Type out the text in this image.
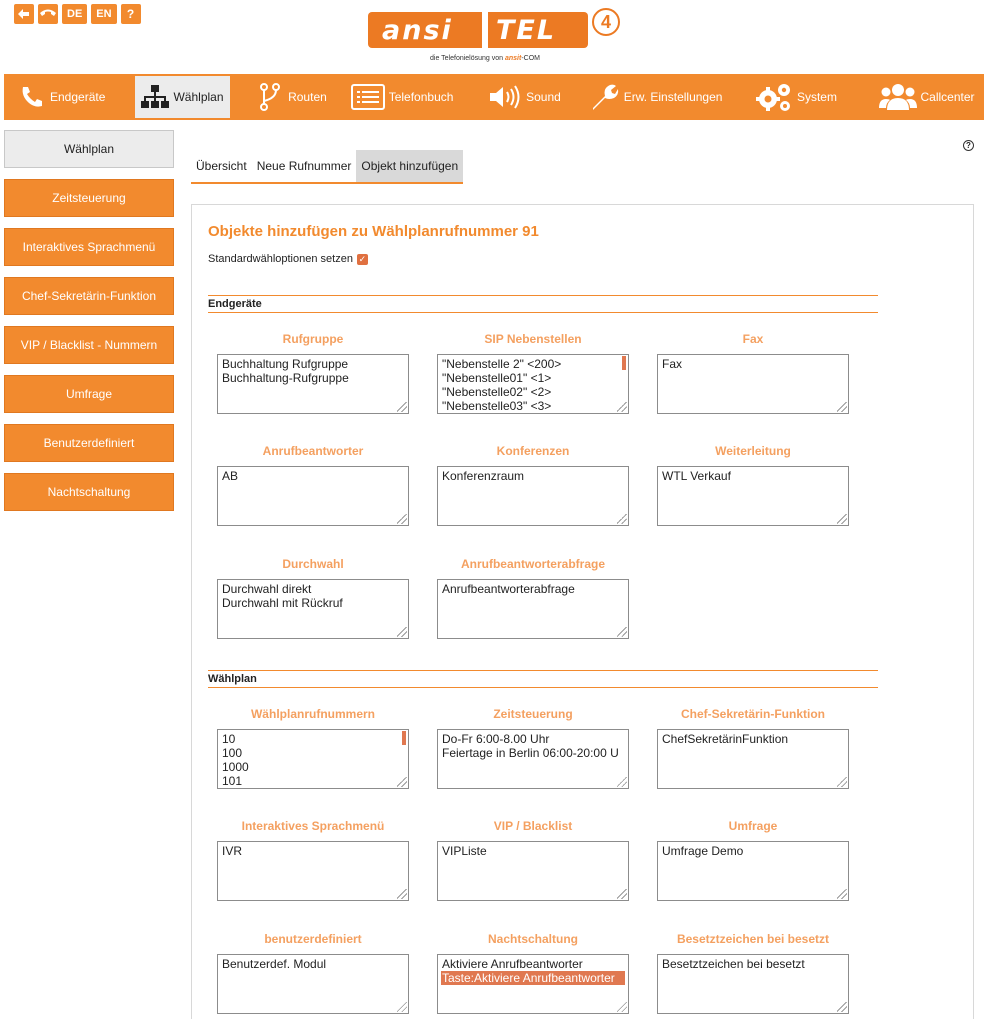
DE	EN	?
ansi TEL	4
die Telefonielösung von ansit-COM
Endgeräte	Wählplan	Routen	Telefonbuch	Sound	Erw. Einstellungen	System	Callcenter
Wählplan
Zeitsteuerung
Interaktives Sprachmenü
Chef-Sekretärin-Funktion
VIP / Blacklist - Nummern
Umfrage
Benutzerdefiniert
Nachtschaltung
?
Übersicht Neue Rufnummer Objekt hinzufügen
Objekte hinzufügen zu Wählplanrufnummer 91
Standardwähloptionen setzen ✓
Endgeräte
Rufgruppe
Buchhaltung Rufgruppe
Buchhaltung-Rufgruppe
SIP Nebenstellen
"Nebenstelle 2" <200>
"Nebenstelle01" <1>
"Nebenstelle02" <2>
"Nebenstelle03" <3>
Fax
Fax
Anrufbeantworter
AB
Konferenzen
Konferenzraum
Weiterleitung
WTL Verkauf
Durchwahl
Durchwahl direkt
Durchwahl mit Rückruf
Anrufbeantworterabfrage
Anrufbeantworterabfrage
Wählplan
Wählplanrufnummern
10
100
1000
101
Zeitsteuerung
Do-Fr 6:00-8.00 Uhr
Feiertage in Berlin 06:00-20:00 U
Chef-Sekretärin-Funktion
ChefSekretärinFunktion
Interaktives Sprachmenü
IVR
VIP / Blacklist
VIPListe
Umfrage
Umfrage Demo
benutzerdefiniert
Benutzerdef. Modul
Nachtschaltung
Aktiviere Anrufbeantworter
Taste:Aktiviere Anrufbeantworter
Besetztzeichen bei besetzt
Besetztzeichen bei besetzt
